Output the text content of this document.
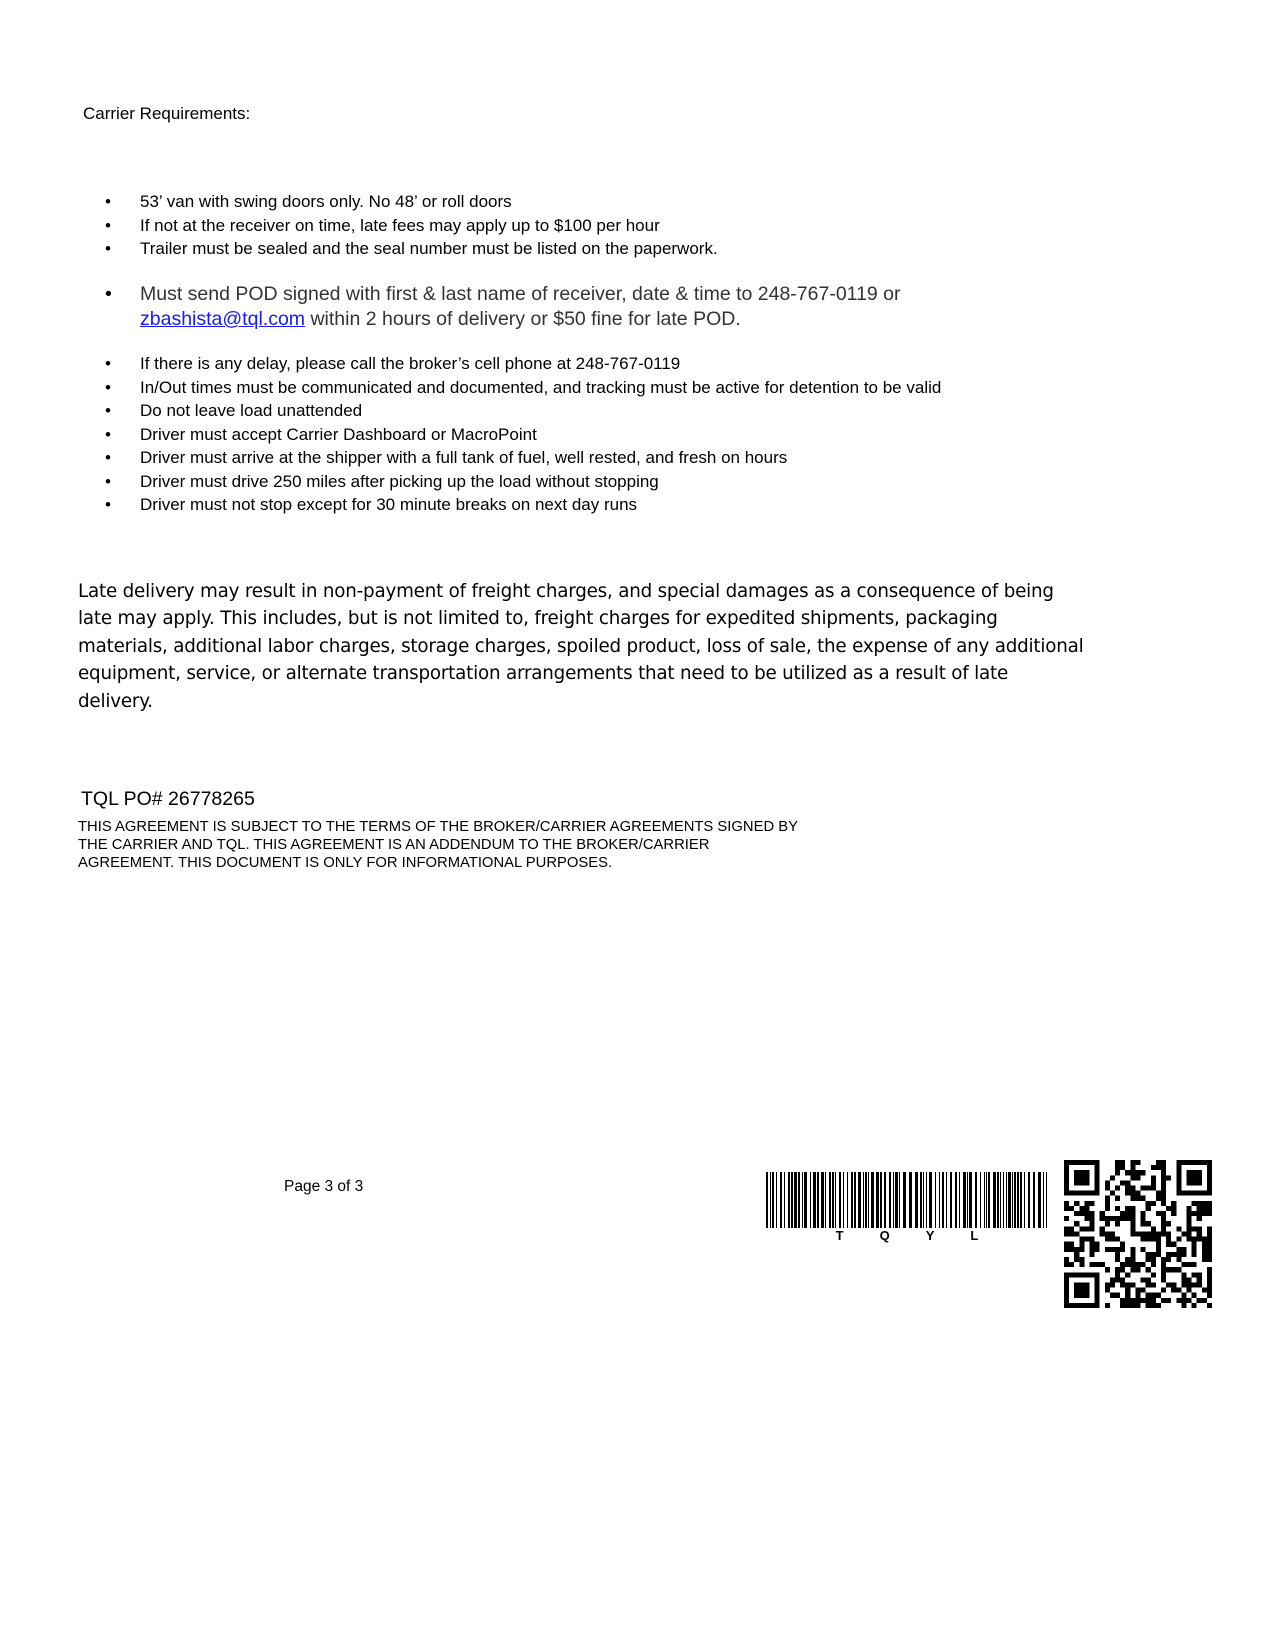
Carrier Requirements:
• 53’ van with swing doors only. No 48’ or roll doors
• If not at the receiver on time, late fees may apply up to $100 per hour
• Trailer must be sealed and the seal number must be listed on the paperwork.
• Must send POD signed with first & last name of receiver, date & time to 248-767-0119 or
zbashista@tql.com within 2 hours of delivery or $50 fine for late POD.
• If there is any delay, please call the broker’s cell phone at 248-767-0119
• In/Out times must be communicated and documented, and tracking must be active for detention to be valid
• Do not leave load unattended
• Driver must accept Carrier Dashboard or MacroPoint
• Driver must arrive at the shipper with a full tank of fuel, well rested, and fresh on hours
• Driver must drive 250 miles after picking up the load without stopping
• Driver must not stop except for 30 minute breaks on next day runs
Late delivery may result in non-payment of freight charges, and special damages as a consequence of being late may apply. This includes, but is not limited to, freight charges for expedited shipments, packaging materials, additional labor charges, storage charges, spoiled product, loss of sale, the expense of any additional equipment, service, or alternate transportation arrangements that need to be utilized as a result of late delivery.
TQL PO# 26778265
THIS AGREEMENT IS SUBJECT TO THE TERMS OF THE BROKER/CARRIER AGREEMENTS SIGNED BY THE CARRIER AND TQL. THIS AGREEMENT IS AN ADDENDUM TO THE BROKER/CARRIER AGREEMENT. THIS DOCUMENT IS ONLY FOR INFORMATIONAL PURPOSES.
Page 3 of 3
T	Q	Y	L
